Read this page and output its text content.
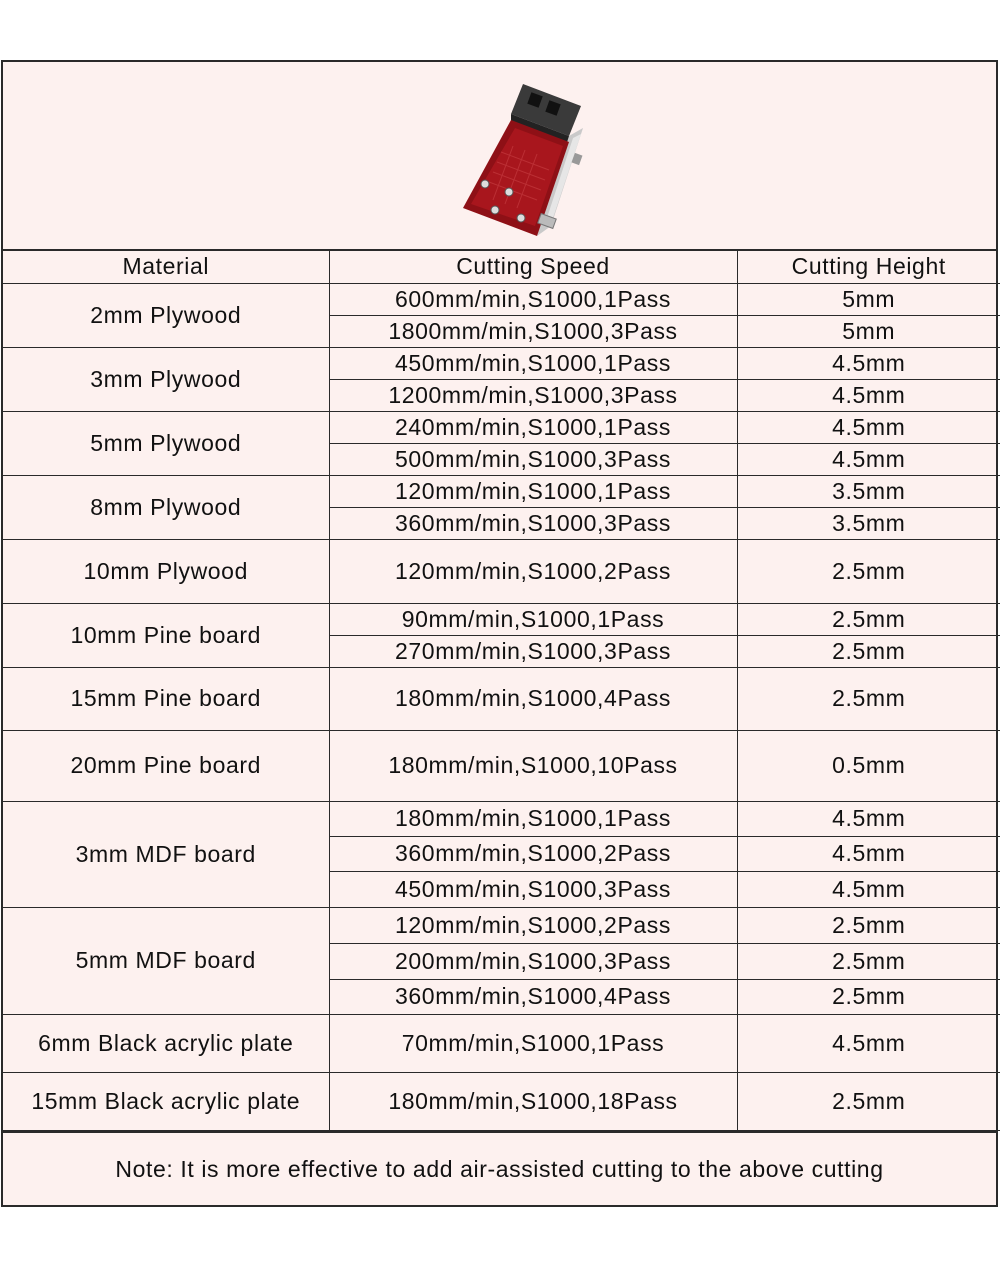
Material	Cutting Speed	Cutting Height
2mm Plywood	600mm/min,S1000,1Pass	5mm
	1800mm/min,S1000,3Pass	5mm
3mm Plywood	450mm/min,S1000,1Pass	4.5mm
	1200mm/min,S1000,3Pass	4.5mm
5mm Plywood	240mm/min,S1000,1Pass	4.5mm
	500mm/min,S1000,3Pass	4.5mm
8mm Plywood	120mm/min,S1000,1Pass	3.5mm
	360mm/min,S1000,3Pass	3.5mm
10mm Plywood	120mm/min,S1000,2Pass	2.5mm
10mm Pine board	90mm/min,S1000,1Pass	2.5mm
	270mm/min,S1000,3Pass	2.5mm
15mm Pine board	180mm/min,S1000,4Pass	2.5mm
20mm Pine board	180mm/min,S1000,10Pass	0.5mm
3mm MDF board	180mm/min,S1000,1Pass	4.5mm
	360mm/min,S1000,2Pass	4.5mm
	450mm/min,S1000,3Pass	4.5mm
5mm MDF board	120mm/min,S1000,2Pass	2.5mm
	200mm/min,S1000,3Pass	2.5mm
	360mm/min,S1000,4Pass	2.5mm
6mm Black acrylic plate	70mm/min,S1000,1Pass	4.5mm
15mm Black acrylic plate	180mm/min,S1000,18Pass	2.5mm
Note: It is more effective to add air-assisted cutting to the above cutting
